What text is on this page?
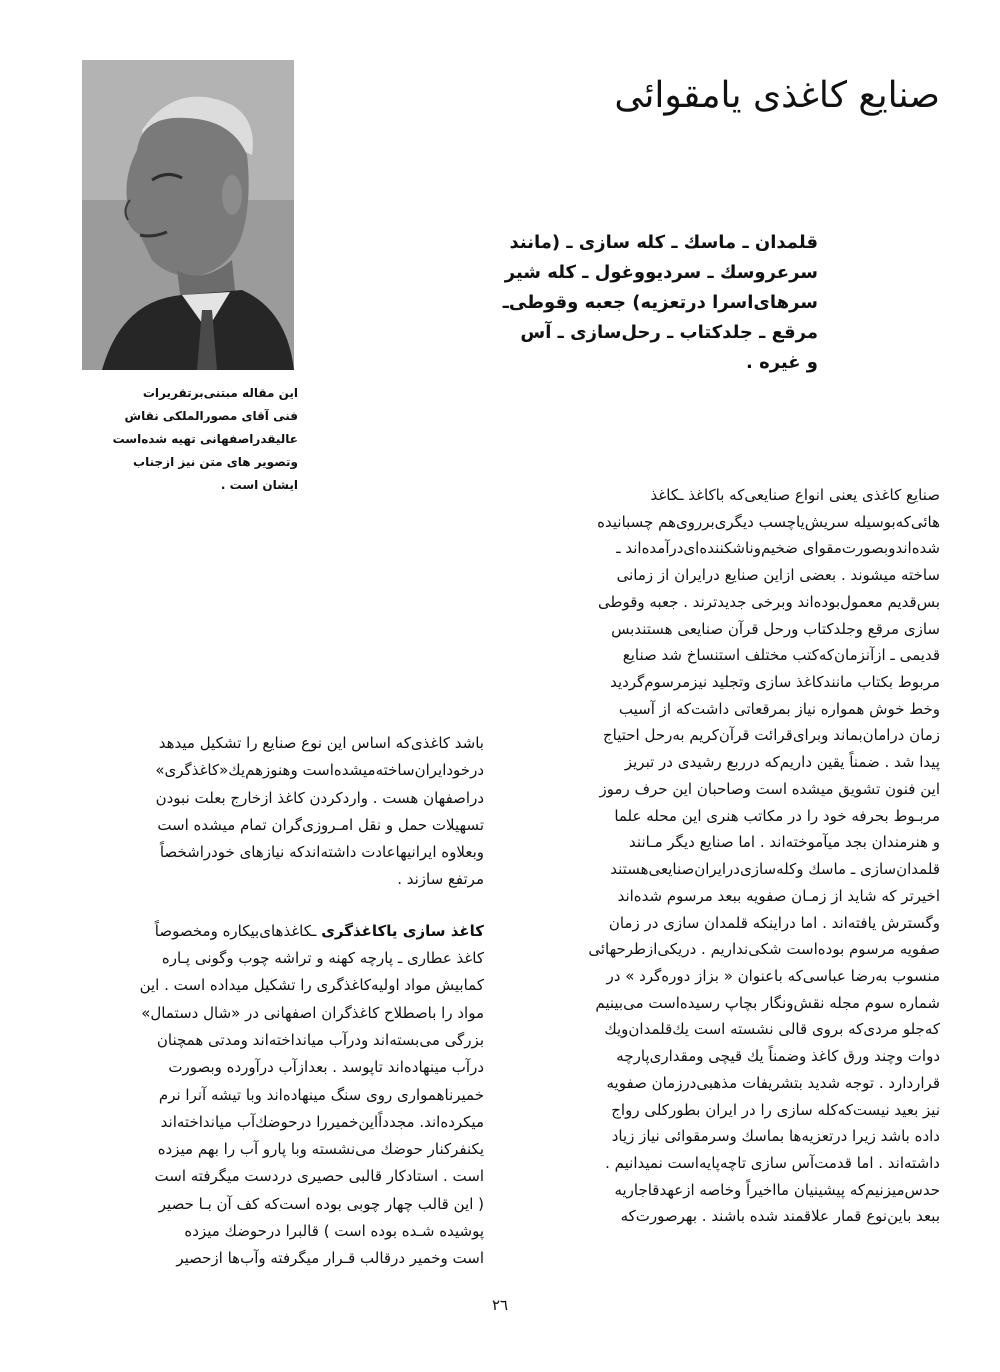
این مقاله مبتنی‌برتقریرات

فنی آقای مصورالملکی نقاش

عالیقدراصفهانی تهیه شده‌است

وتصویر های متن نیز ازجناب

ایشان است .

صنایع کاغذی یامقوائی

قلمدان ـ ماسك ـ کله سازی ـ (مانند

سرعروسك ـ سردیووغول ـ کله شیر

سرهای‌اسرا درتعزیه) جعبه وقوطی‌ـ

مرقع ـ جلدکتاب ـ رحل‌سازی ـ آس

و غیره .

صنایع کاغذی یعنی انواع صنایعی‌که باکاغذ ـکاغذ

هائی‌که‌بوسیله سریش‌یاچسب دیگری‌برروی‌هم چسبانیده

شده‌اندوبصورت‌مقوای ضخیم‌وناشکننده‌ای‌درآمده‌اند ـ

ساخته میشوند . بعضی ازاین صنایع درایران از زمانی

بس‌قدیم معمول‌بوده‌اند وبرخی جدیدترند . جعبه وقوطی

سازی مرقع وجلدکتاب ورحل قرآن صنایعی هستندبس

قدیمی ـ ازآنزمان‌که‌کتب مختلف استنساخ شد صنایع

مربوط بکتاب مانندکاغذ سازی وتجلید نیزمرسوم‌گردید

وخط خوش همواره نیاز بمرقعاتی داشت‌که از آسیب

زمان درامان‌بماند وبرای‌قرائت قرآن‌کریم به‌رحل احتیاج

پیدا شد . ضمناً یقین داریم‌که درربع رشیدی در تبریز

این فنون تشویق میشده است وصاحبان این حرف رموز

مربـوط بحرفه خود را در مکاتب هنری این محله علما

و هنرمندان بجد میآموخته‌اند . اما صنایع دیگر مـانند

قلمدان‌سازی ـ ماسك وکله‌سازی‌درایران‌صنایعی‌هستند

اخیرتر که شاید از زمـان صفویه ببعد مرسوم شده‌اند

وگسترش یافته‌اند . اما دراینکه قلمدان سازی در زمان

صفویه مرسوم بوده‌است شکی‌نداریم . دریکی‌ازطرحهائی

منسوب به‌رضا عباسی‌که باعنوان « بزاز دوره‌گرد » در

شماره سوم مجله نقش‌ونگار بچاپ رسیده‌است می‌بینیم

که‌جلو مردی‌که بروی قالی نشسته است یك‌قلمدان‌ویك

دوات وچند ورق کاغذ وضمناً یك قیچی ومقداری‌پارچه

قراردارد . توجه شدید بتشریفات مذهبی‌درزمان صفویه

نیز بعید نیست‌که‌کله سازی را در ایران بطورکلی رواج

داده باشد زیرا درتعزیه‌ها بماسك وسرمقوائی نیاز زیاد

داشته‌اند . اما قدمت‌آس سازی تاچه‌پایه‌است نمیدانیم .

حدس‌میزنیم‌که پیشینیان ماا‌خیراً وخاصه ازعهدقاجاریه

ببعد باین‌نوع قمار علاقمند شده باشند . بهرصورت‌که

باشد کاغذی‌که اساس این نوع صنایع را تشکیل میدهد

درخودایران‌ساخته‌میشده‌است وهنوزهم‌یك«کاغذگری»

دراصفهان هست . واردکردن کاغذ ازخارج بعلت نبودن

تسهیلات حمل و نقل امـروزی‌گران تمام میشده است

وبعلاوه ایرانیهاعادت داشته‌اندکه نیازهای خودراشخصاً

مرتفع سازند .

کاغذ سازی یاکاغذگری ـکاغذهای‌بیکاره ومخصوصاً

کاغذ عطاری ـ پارچه کهنه و تراشه چوب وگونی پـاره

کمابیش مواد اولیه‌کاغذگری را تشکیل میداده است . این

مواد را باصطلاح کاغذگران اصفهانی در «شال دستمال»

بزرگی می‌بسته‌اند ودرآب میانداخته‌اند ومدتی همچنان

درآب مینهاده‌اند تاپوسد . بعدازآب درآورده وبصورت

خمیرناهمواری روی سنگ مینهاده‌اند وبا تیشه آنرا نرم

میکرده‌اند. مجدداًاین‌خمیررا درحوضك‌آب میانداخته‌اند

یکنفرکنار حوضك می‌نشسته وبا پارو آب را بهم میزده

است . استادکار قالبی حصیری دردست میگرفته است

( این قالب چهار چوبی بوده است‌که کف آن بـا حصیر

پوشیده شـده بوده است ) قالبرا درحوضك میزده

است وخمیر درقالب قـرار میگرفته وآب‌ها ازحصیر

٢٦
